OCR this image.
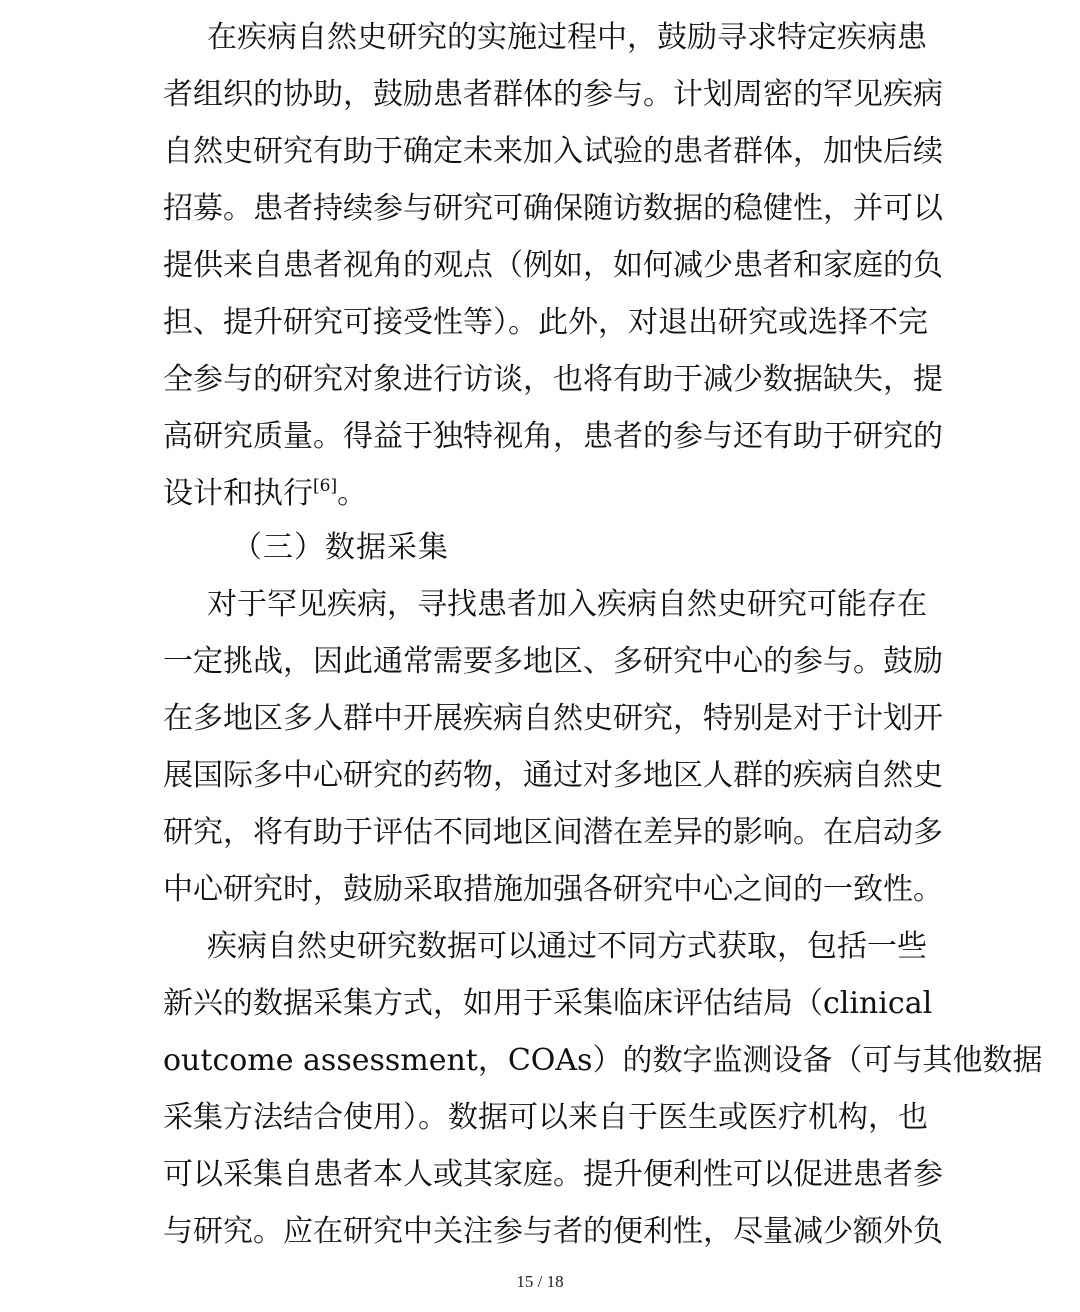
在疾病自然史研究的实施过程中，鼓励寻求特定疾病患
者组织的协助，鼓励患者群体的参与。计划周密的罕见疾病
自然史研究有助于确定未来加入试验的患者群体，加快后续
招募。患者持续参与研究可确保随访数据的稳健性，并可以
提供来自患者视角的观点（例如，如何减少患者和家庭的负
担、提升研究可接受性等）。此外，对退出研究或选择不完
全参与的研究对象进行访谈，也将有助于减少数据缺失，提
高研究质量。得益于独特视角，患者的参与还有助于研究的
设计和执行[6]。
（三）数据采集
对于罕见疾病，寻找患者加入疾病自然史研究可能存在
一定挑战，因此通常需要多地区、多研究中心的参与。鼓励
在多地区多人群中开展疾病自然史研究，特别是对于计划开
展国际多中心研究的药物，通过对多地区人群的疾病自然史
研究，将有助于评估不同地区间潜在差异的影响。在启动多
中心研究时，鼓励采取措施加强各研究中心之间的一致性。
疾病自然史研究数据可以通过不同方式获取，包括一些
新兴的数据采集方式，如用于采集临床评估结局（clinical
outcome assessment，COAs）的数字监测设备（可与其他数据
采集方法结合使用）。数据可以来自于医生或医疗机构，也
可以采集自患者本人或其家庭。提升便利性可以促进患者参
与研究。应在研究中关注参与者的便利性，尽量减少额外负
15 / 18
